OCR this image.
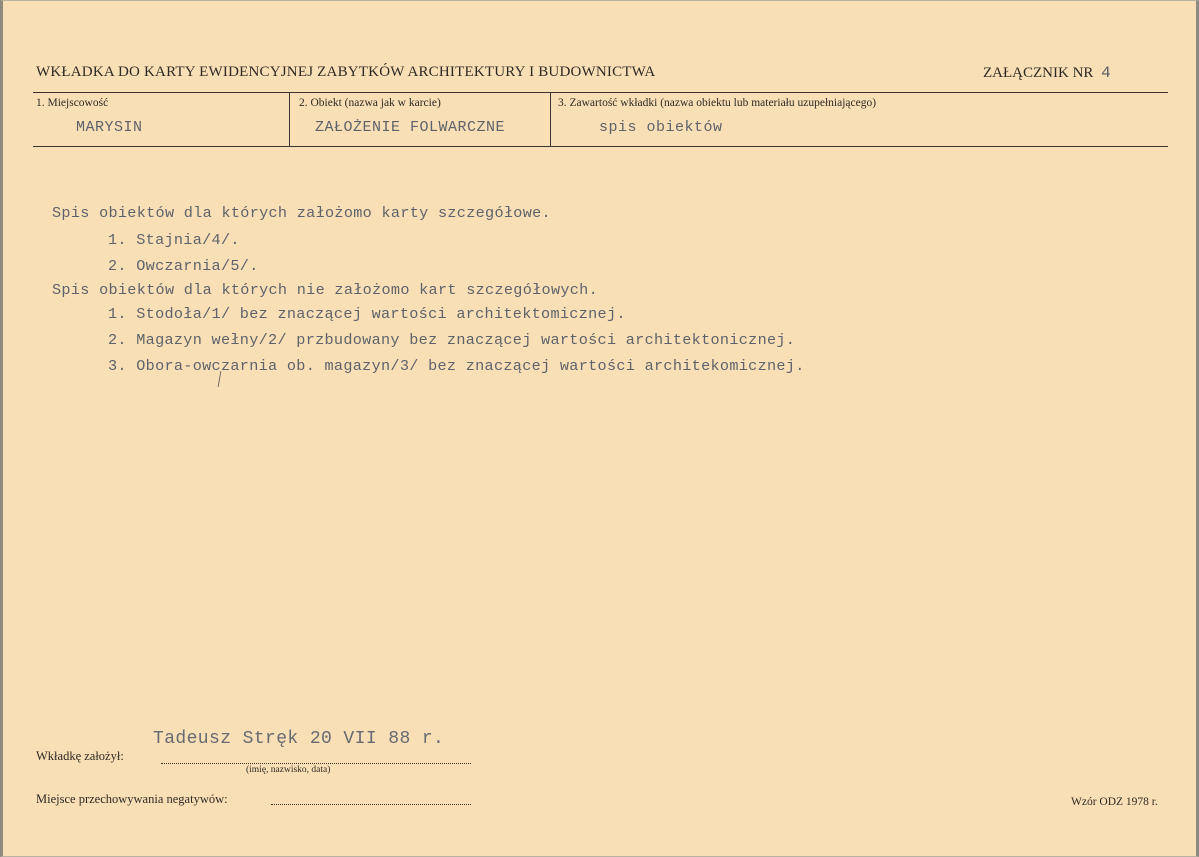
WKŁADKA DO KARTY EWIDENCYJNEJ ZABYTKÓW ARCHITEKTURY I BUDOWNICTWA	ZAŁĄCZNIK NR 4
1. Miejscowość
MARYSIN
2. Obiekt (nazwa jak w karcie)
ZAŁOŻENIE FOLWARCZNE
3. Zawartość wkładki (nazwa obiektu lub materiału uzupełniającego)
spis obiektów
Spis obiektów dla których założomo karty szczegółowe.
1. Stajnia/4/.
2. Owczarnia/5/.
Spis obiektów dla których nie założomo kart szczegółowych.
1. Stodoła/1/ bez znaczącej wartości architektomicznej.
2. Magazyn wełny/2/ przbudowany bez znaczącej wartości architektonicznej.
3. Obora-owczarnia ob. magazyn/3/ bez znaczącej wartości architekomicznej.
Tadeusz Stręk 20 VII 88 r.
Wkładkę założył:
(imię, nazwisko, data)
Miejsce przechowywania negatywów:	Wzór ODZ 1978 r.
